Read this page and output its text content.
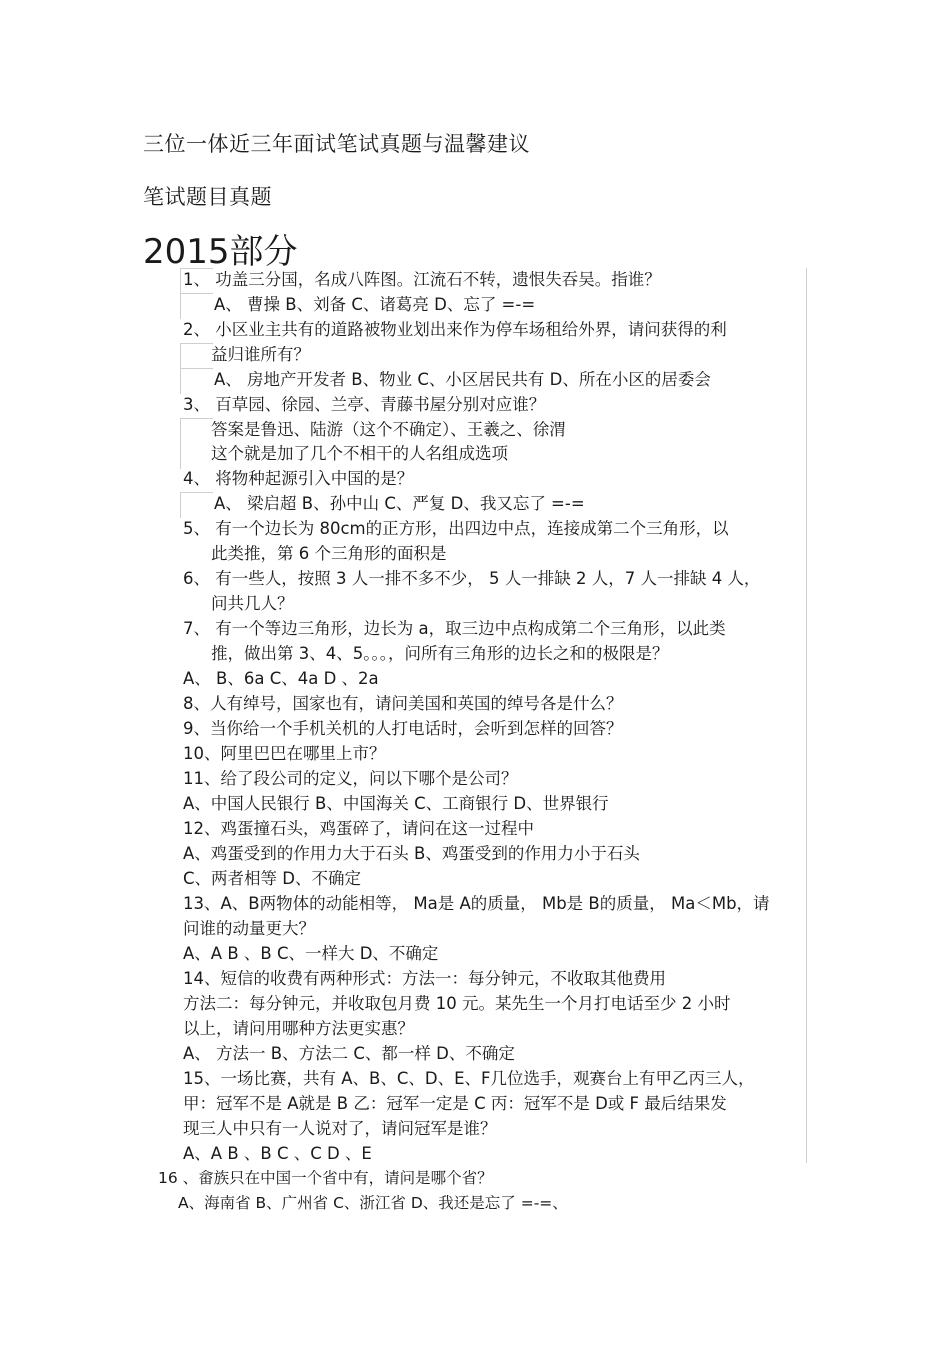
三位一体近三年面试笔试真题与温馨建议
笔试题目真题
2015部分
1、 功盖三分国，名成八阵图。江流石不转，遗恨失吞吴。指谁？
A、 曹操 B、刘备 C、诸葛亮 D、忘了 =-=
2、 小区业主共有的道路被物业划出来作为停车场租给外界，请问获得的利
益归谁所有？
A、 房地产开发者 B、物业 C、小区居民共有 D、所在小区的居委会
3、 百草园、徐园、兰亭、青藤书屋分别对应谁？
答案是鲁迅、陆游（这个不确定）、王羲之、徐渭
这个就是加了几个不相干的人名组成选项
4、 将物种起源引入中国的是？
A、 梁启超 B、孙中山 C、严复 D、我又忘了 =-=
5、 有一个边长为 80cm的正方形，出四边中点，连接成第二个三角形，以
此类推，第 6 个三角形的面积是
6、 有一些人，按照 3 人一排不多不少， 5 人一排缺 2 人，7 人一排缺 4 人，
问共几人？
7、 有一个等边三角形，边长为 a，取三边中点构成第二个三角形，以此类
推，做出第 3、4、5。。。，问所有三角形的边长之和的极限是？
A、 B、6a C、4a D 、2a
8、人有绰号，国家也有，请问美国和英国的绰号各是什么？
9、当你给一个手机关机的人打电话时，会听到怎样的回答？
10、阿里巴巴在哪里上市？
11、给了段公司的定义，问以下哪个是公司？
A、中国人民银行 B、中国海关 C、工商银行 D、世界银行
12、鸡蛋撞石头，鸡蛋碎了，请问在这一过程中
A、鸡蛋受到的作用力大于石头 B、鸡蛋受到的作用力小于石头
C、两者相等 D、不确定
13、A、B两物体的动能相等， Ma是 A的质量， Mb是 B的质量， Ma＜Mb，请
问谁的动量更大？
A、A B 、B C、一样大 D、不确定
14、短信的收费有两种形式：方法一：每分钟元，不收取其他费用
方法二：每分钟元，并收取包月费 10 元。某先生一个月打电话至少 2 小时
以上，请问用哪种方法更实惠？
A、 方法一 B、方法二 C、都一样 D、不确定
15、一场比赛，共有 A、B、C、D、E、F几位选手，观赛台上有甲乙丙三人，
甲：冠军不是 A就是 B 乙：冠军一定是 C 丙：冠军不是 D或 F 最后结果发
现三人中只有一人说对了，请问冠军是谁？
A、A B 、B C 、C D 、E
16 、畲族只在中国一个省中有，请问是哪个省？
A、海南省 B、广州省 C、浙江省 D、我还是忘了 =-=、
